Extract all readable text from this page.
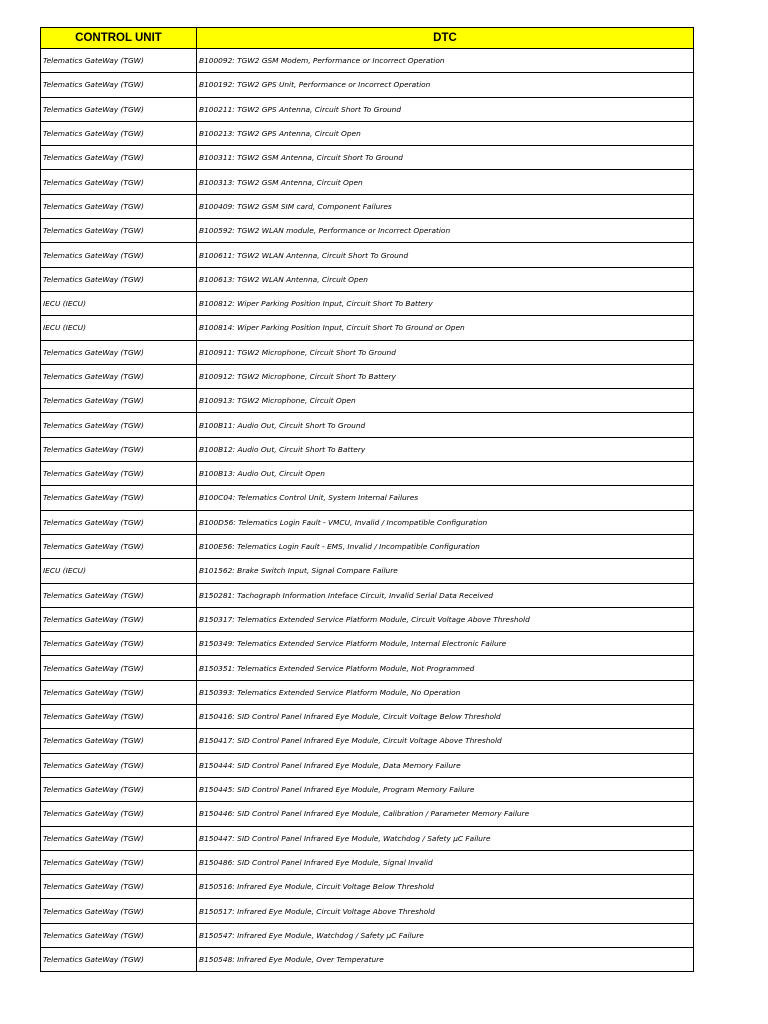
CONTROL UNIT	DTC
Telematics GateWay (TGW)	B100092: TGW2 GSM Modem, Performance or Incorrect Operation
Telematics GateWay (TGW)	B100192: TGW2 GPS Unit, Performance or Incorrect Operation
Telematics GateWay (TGW)	B100211: TGW2 GPS Antenna, Circuit Short To Ground
Telematics GateWay (TGW)	B100213: TGW2 GPS Antenna, Circuit Open
Telematics GateWay (TGW)	B100311: TGW2 GSM Antenna, Circuit Short To Ground
Telematics GateWay (TGW)	B100313: TGW2 GSM Antenna, Circuit Open
Telematics GateWay (TGW)	B100409: TGW2 GSM SIM card, Component Failures
Telematics GateWay (TGW)	B100592: TGW2 WLAN module, Performance or Incorrect Operation
Telematics GateWay (TGW)	B100611: TGW2 WLAN Antenna, Circuit Short To Ground
Telematics GateWay (TGW)	B100613: TGW2 WLAN Antenna, Circuit Open
IECU (IECU)	B100812: Wiper Parking Position Input, Circuit Short To Battery
IECU (IECU)	B100814: Wiper Parking Position Input, Circuit Short To Ground or Open
Telematics GateWay (TGW)	B100911: TGW2 Microphone, Circuit Short To Ground
Telematics GateWay (TGW)	B100912: TGW2 Microphone, Circuit Short To Battery
Telematics GateWay (TGW)	B100913: TGW2 Microphone, Circuit Open
Telematics GateWay (TGW)	B100B11: Audio Out, Circuit Short To Ground
Telematics GateWay (TGW)	B100B12: Audio Out, Circuit Short To Battery
Telematics GateWay (TGW)	B100B13: Audio Out, Circuit Open
Telematics GateWay (TGW)	B100C04: Telematics Control Unit, System Internal Failures
Telematics GateWay (TGW)	B100D56: Telematics Login Fault - VMCU, Invalid / Incompatible Configuration
Telematics GateWay (TGW)	B100E56: Telematics Login Fault - EMS, Invalid / Incompatible Configuration
IECU (IECU)	B101562: Brake Switch Input, Signal Compare Failure
Telematics GateWay (TGW)	B150281: Tachograph Information Inteface Circuit, Invalid Serial Data Received
Telematics GateWay (TGW)	B150317: Telematics Extended Service Platform Module, Circuit Voltage Above Threshold
Telematics GateWay (TGW)	B150349: Telematics Extended Service Platform Module, Internal Electronic Failure
Telematics GateWay (TGW)	B150351: Telematics Extended Service Platform Module, Not Programmed
Telematics GateWay (TGW)	B150393: Telematics Extended Service Platform Module, No Operation
Telematics GateWay (TGW)	B150416: SID Control Panel Infrared Eye Module, Circuit Voltage Below Threshold
Telematics GateWay (TGW)	B150417: SID Control Panel Infrared Eye Module, Circuit Voltage Above Threshold
Telematics GateWay (TGW)	B150444: SID Control Panel Infrared Eye Module, Data Memory Failure
Telematics GateWay (TGW)	B150445: SID Control Panel Infrared Eye Module, Program Memory Failure
Telematics GateWay (TGW)	B150446: SID Control Panel Infrared Eye Module, Calibration / Parameter Memory Failure
Telematics GateWay (TGW)	B150447: SID Control Panel Infrared Eye Module, Watchdog / Safety µC Failure
Telematics GateWay (TGW)	B150486: SID Control Panel Infrared Eye Module, Signal Invalid
Telematics GateWay (TGW)	B150516: Infrared Eye Module, Circuit Voltage Below Threshold
Telematics GateWay (TGW)	B150517: Infrared Eye Module, Circuit Voltage Above Threshold
Telematics GateWay (TGW)	B150547: Infrared Eye Module, Watchdog / Safety µC Failure
Telematics GateWay (TGW)	B150548: Infrared Eye Module, Over Temperature
